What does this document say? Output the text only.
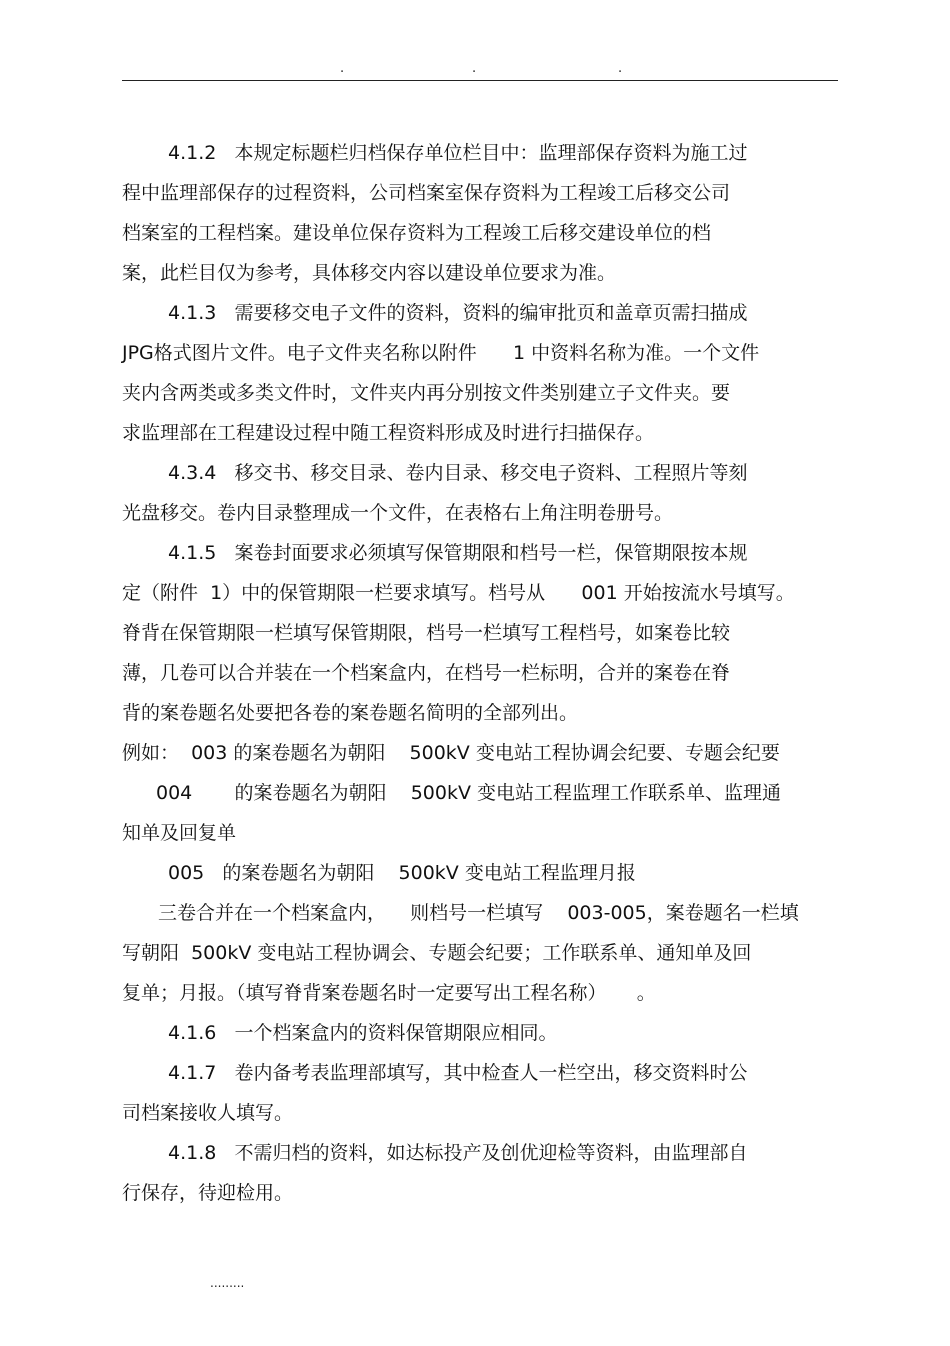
.	.	.
4.1.2   本规定标题栏归档保存单位栏目中：监理部保存资料为施工过
程中监理部保存的过程资料，公司档案室保存资料为工程竣工后移交公司
档案室的工程档案。建设单位保存资料为工程竣工后移交建设单位的档
案，此栏目仅为参考，具体移交内容以建设单位要求为准。
4.1.3   需要移交电子文件的资料，资料的编审批页和盖章页需扫描成
JPG格式图片文件。电子文件夹名称以附件      1 中资料名称为准。一个文件
夹内含两类或多类文件时，文件夹内再分别按文件类别建立子文件夹。要
求监理部在工程建设过程中随工程资料形成及时进行扫描保存。
4.3.4   移交书、移交目录、卷内目录、移交电子资料、工程照片等刻
光盘移交。卷内目录整理成一个文件，在表格右上角注明卷册号。
4.1.5   案卷封面要求必须填写保管期限和档号一栏，保管期限按本规
定（附件  1）中的保管期限一栏要求填写。档号从      001 开始按流水号填写。
脊背在保管期限一栏填写保管期限，档号一栏填写工程档号，如案卷比较
薄，几卷可以合并装在一个档案盒内，在档号一栏标明，合并的案卷在脊
背的案卷题名处要把各卷的案卷题名简明的全部列出。
例如：  003 的案卷题名为朝阳    500kV 变电站工程协调会纪要、专题会纪要
004       的案卷题名为朝阳    500kV 变电站工程监理工作联系单、监理通
知单及回复单
005   的案卷题名为朝阳    500kV 变电站工程监理月报
三卷合并在一个档案盒内，    则档号一栏填写    003-005，案卷题名一栏填
写朝阳  500kV 变电站工程协调会、专题会纪要；工作联系单、通知单及回
复单；月报。（填写脊背案卷题名时一定要写出工程名称）     。
4.1.6   一个档案盒内的资料保管期限应相同。
4.1.7   卷内备考表监理部填写，其中检查人一栏空出，移交资料时公
司档案接收人填写。
4.1.8   不需归档的资料，如达标投产及创优迎检等资料，由监理部自
行保存，待迎检用。
.........
